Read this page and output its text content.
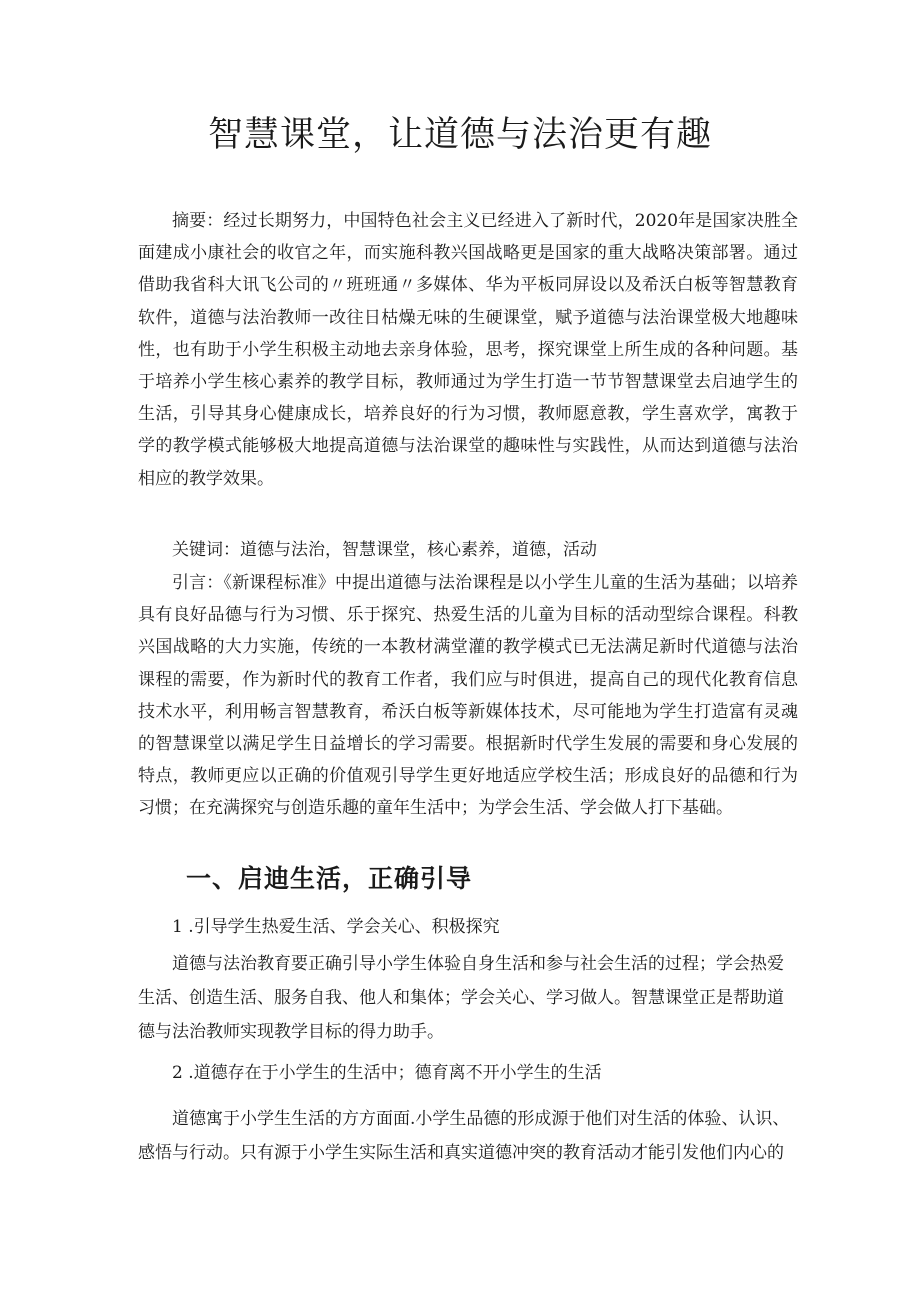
智慧课堂，让道德与法治更有趣

摘要：经过长期努力，中国特色社会主义已经进入了新时代，2020年是国家决胜全面建成小康社会的收官之年，而实施科教兴国战略更是国家的重大战略决策部署。通过借助我省科大讯飞公司的〃班班通〃多媒体、华为平板同屏设以及希沃白板等智慧教育软件，道德与法治教师一改往日枯燥无味的生硬课堂，赋予道德与法治课堂极大地趣味性，也有助于小学生积极主动地去亲身体验，思考，探究课堂上所生成的各种问题。基于培养小学生核心素养的教学目标，教师通过为学生打造一节节智慧课堂去启迪学生的生活，引导其身心健康成长，培养良好的行为习惯，教师愿意教，学生喜欢学，寓教于学的教学模式能够极大地提高道德与法治课堂的趣味性与实践性，从而达到道德与法治相应的教学效果。

关键词：道德与法治，智慧课堂，核心素养，道德，活动

引言：《新课程标准》中提出道德与法治课程是以小学生儿童的生活为基础；以培养具有良好品德与行为习惯、乐于探究、热爱生活的儿童为目标的活动型综合课程。科教兴国战略的大力实施，传统的一本教材满堂灌的教学模式已无法满足新时代道德与法治课程的需要，作为新时代的教育工作者，我们应与时俱进，提高自己的现代化教育信息技术水平，利用畅言智慧教育，希沃白板等新媒体技术，尽可能地为学生打造富有灵魂的智慧课堂以满足学生日益增长的学习需要。根据新时代学生发展的需要和身心发展的特点，教师更应以正确的价值观引导学生更好地适应学校生活；形成良好的品德和行为习惯；在充满探究与创造乐趣的童年生活中；为学会生活、学会做人打下基础。

一、启迪生活，正确引导

1 .引导学生热爱生活、学会关心、积极探究

道德与法治教育要正确引导小学生体验自身生活和参与社会生活的过程；学会热爱

生活、创造生活、服务自我、他人和集体；学会关心、学习做人。智慧课堂正是帮助道

德与法治教师实现教学目标的得力助手。

2 .道德存在于小学生的生活中；德育离不开小学生的生活

道德寓于小学生生活的方方面面.小学生品德的形成源于他们对生活的体验、认识、

感悟与行动。只有源于小学生实际生活和真实道德冲突的教育活动才能引发他们内心的
